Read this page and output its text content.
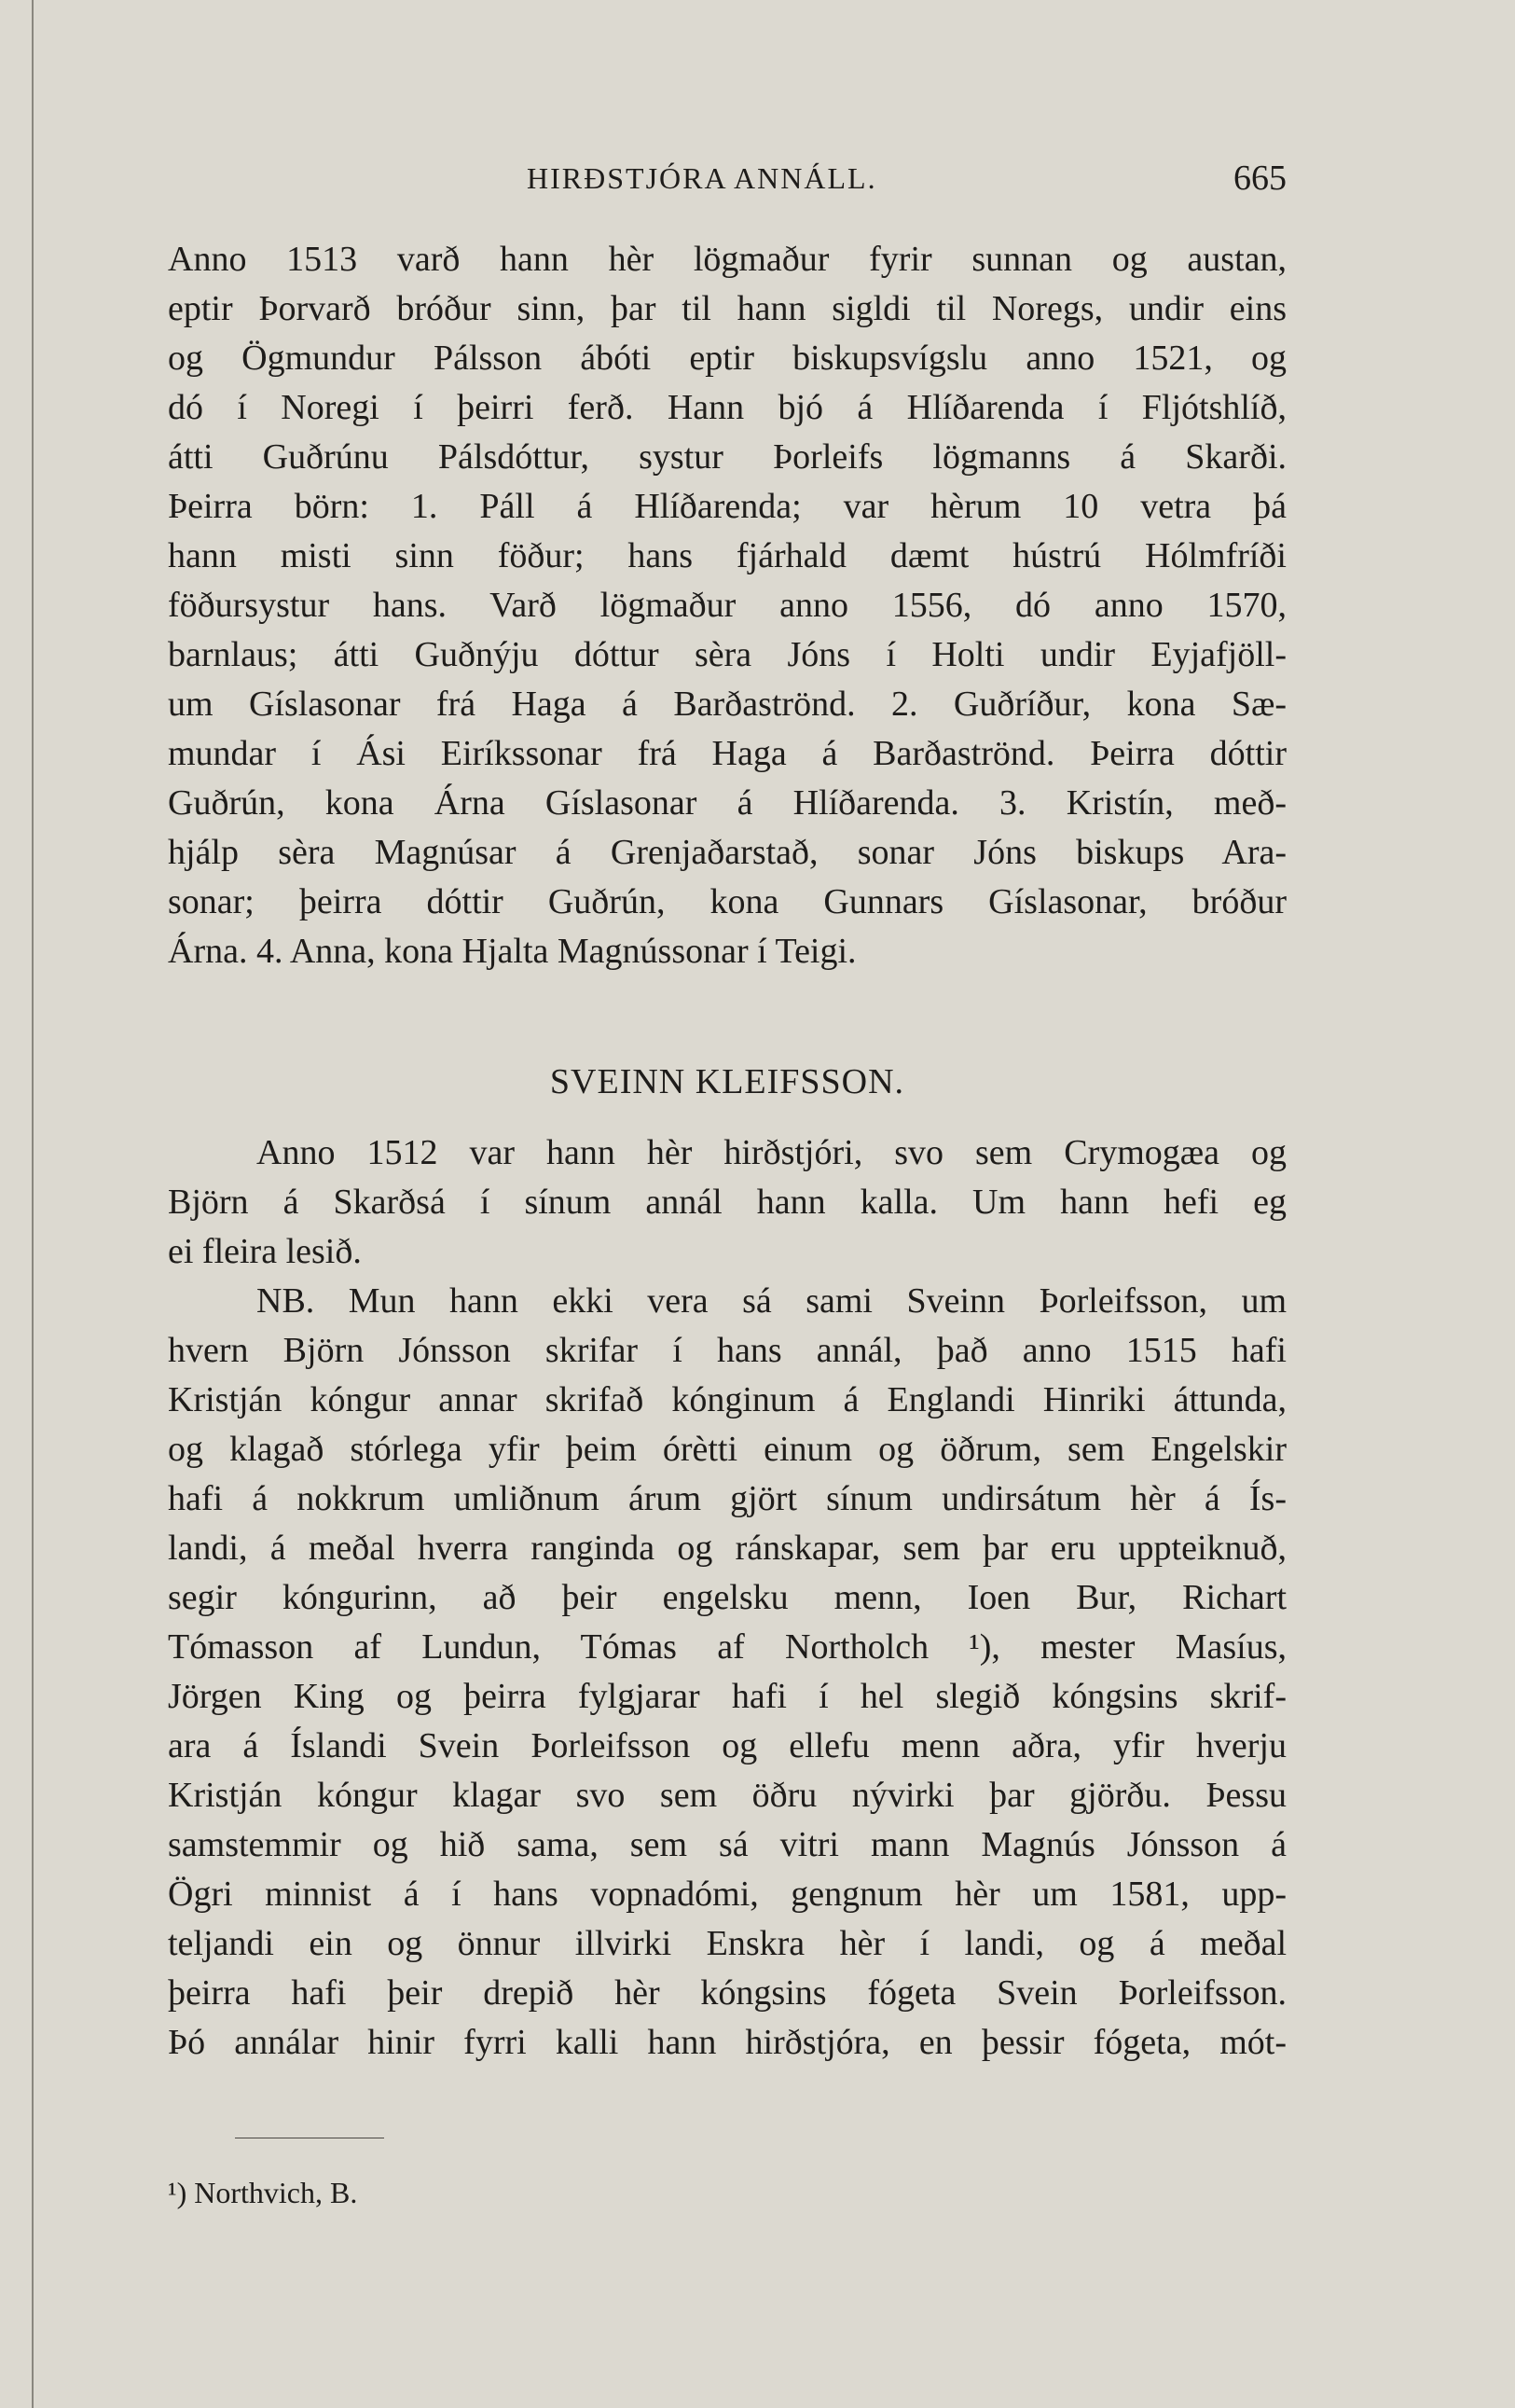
HIRÐSTJÓRA ANNÁLL.	665
Anno 1513 varð hann hèr lögmaður fyrir sunnan og austan,
eptir Þorvarð bróður sinn, þar til hann sigldi til Noregs, undir eins
og Ögmundur Pálsson ábóti eptir biskupsvígslu anno 1521, og
dó í Noregi í þeirri ferð. Hann bjó á Hlíðarenda í Fljótshlíð,
átti Guðrúnu Pálsdóttur, systur Þorleifs lögmanns á Skarði.
Þeirra börn: 1. Páll á Hlíðarenda; var hèrum 10 vetra þá
hann misti sinn föður; hans fjárhald dæmt hústrú Hólmfríði
föðursystur hans. Varð lögmaður anno 1556, dó anno 1570,
barnlaus; átti Guðnýju dóttur sèra Jóns í Holti undir Eyjafjöll-
um Gíslasonar frá Haga á Barðaströnd. 2. Guðríður, kona Sæ-
mundar í Ási Eiríkssonar frá Haga á Barðaströnd. Þeirra dóttir
Guðrún, kona Árna Gíslasonar á Hlíðarenda. 3. Kristín, með-
hjálp sèra Magnúsar á Grenjaðarstað, sonar Jóns biskups Ara-
sonar; þeirra dóttir Guðrún, kona Gunnars Gíslasonar, bróður
Árna. 4. Anna, kona Hjalta Magnússonar í Teigi.
SVEINN KLEIFSSON.
Anno 1512 var hann hèr hirðstjóri, svo sem Crymogæa og
Björn á Skarðsá í sínum annál hann kalla. Um hann hefi eg
ei fleira lesið.
NB. Mun hann ekki vera sá sami Sveinn Þorleifsson, um
hvern Björn Jónsson skrifar í hans annál, það anno 1515 hafi
Kristján kóngur annar skrifað kónginum á Englandi Hinriki áttunda,
og klagað stórlega yfir þeim órètti einum og öðrum, sem Engelskir
hafi á nokkrum umliðnum árum gjört sínum undirsátum hèr á Ís-
landi, á meðal hverra ranginda og ránskapar, sem þar eru uppteiknuð,
segir kóngurinn, að þeir engelsku menn, Ioen Bur, Richart
Tómasson af Lundun, Tómas af Northolch ¹), mester Masíus,
Jörgen King og þeirra fylgjarar hafi í hel slegið kóngsins skrif-
ara á Íslandi Svein Þorleifsson og ellefu menn aðra, yfir hverju
Kristján kóngur klagar svo sem öðru nývirki þar gjörðu. Þessu
samstemmir og hið sama, sem sá vitri mann Magnús Jónsson á
Ögri minnist á í hans vopnadómi, gengnum hèr um 1581, upp-
teljandi ein og önnur illvirki Enskra hèr í landi, og á meðal
þeirra hafi þeir drepið hèr kóngsins fógeta Svein Þorleifsson.
Þó annálar hinir fyrri kalli hann hirðstjóra, en þessir fógeta, mót-
¹) Northvich, B.
